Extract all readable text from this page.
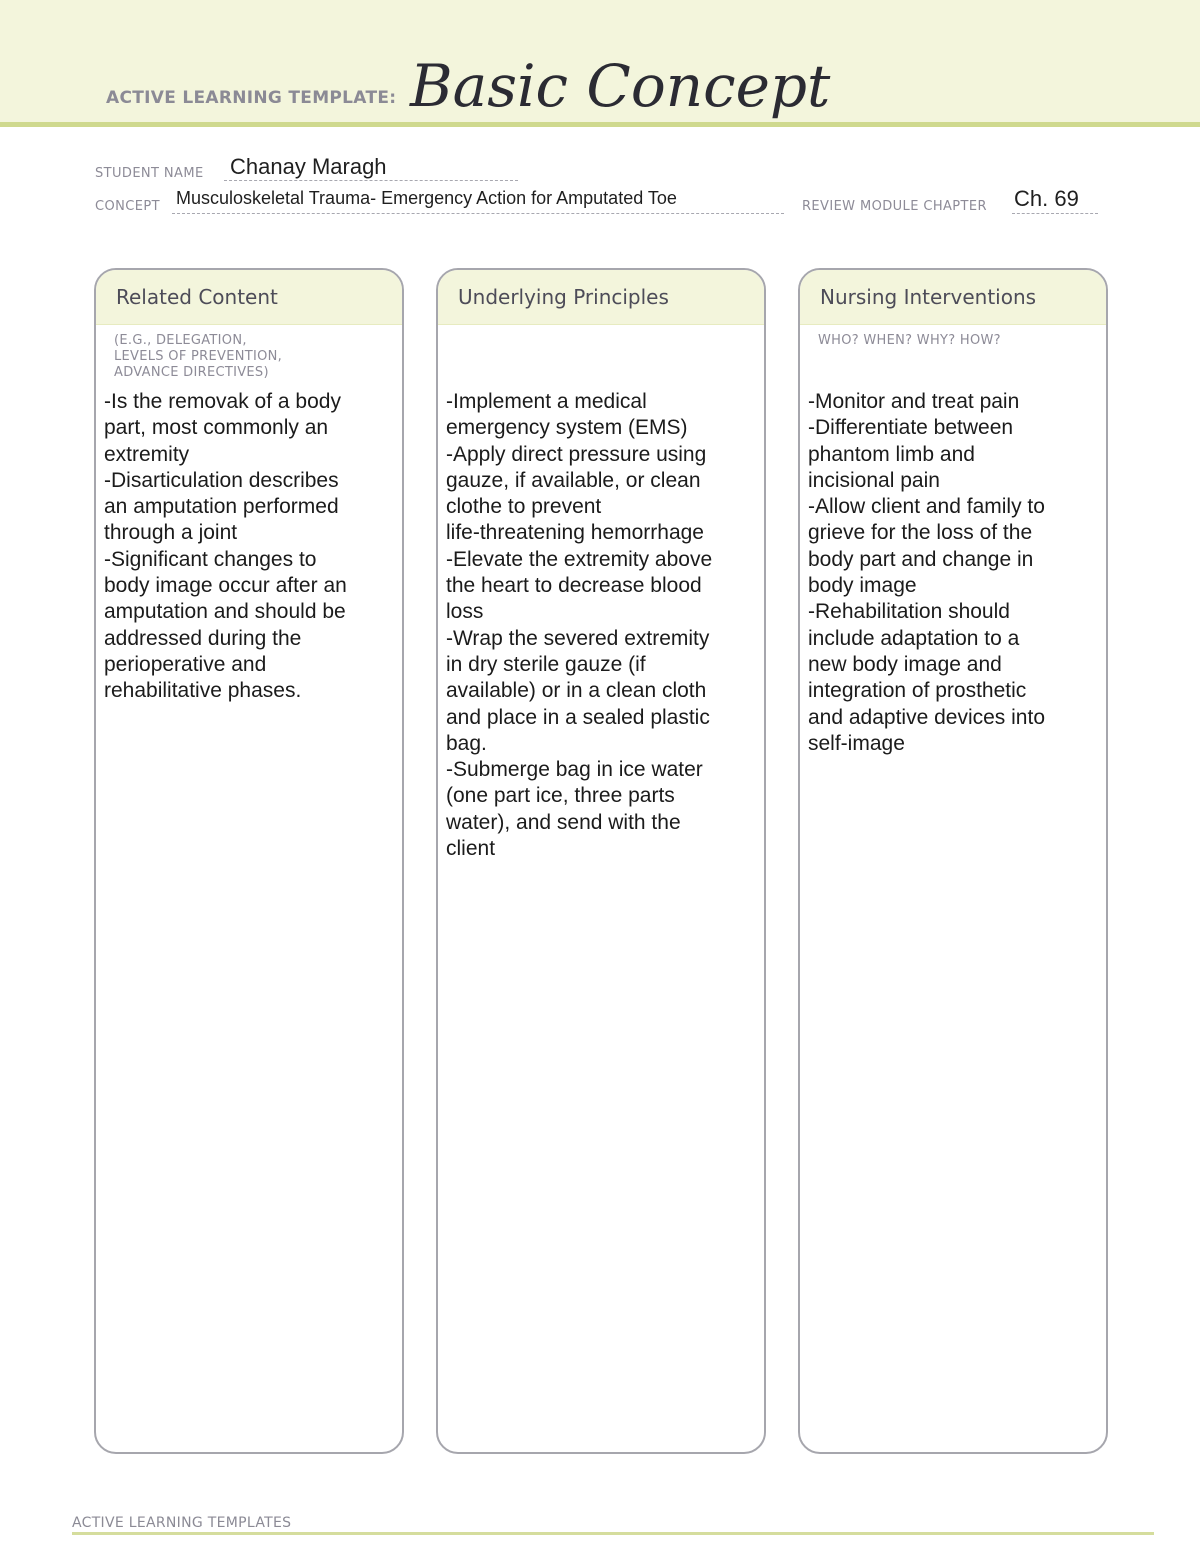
ACTIVE LEARNING TEMPLATE: Basic Concept
STUDENT NAME Chanay Maragh
CONCEPT Musculoskeletal Trauma- Emergency Action for Amputated Toe	REVIEW MODULE CHAPTER Ch. 69
Related Content
(E.G., DELEGATION,
LEVELS OF PREVENTION,
ADVANCE DIRECTIVES)
-Is the removak of a body
part, most commonly an
extremity
-Disarticulation describes
an amputation performed
through a joint
-Significant changes to
body image occur after an
amputation and should be
addressed during the
perioperative and
rehabilitative phases.
Underlying Principles
-Implement a medical
emergency system (EMS)
-Apply direct pressure using
gauze, if available, or clean
clothe to prevent
life-threatening hemorrhage
-Elevate the extremity above
the heart to decrease blood
loss
-Wrap the severed extremity
in dry sterile gauze (if
available) or in a clean cloth
and place in a sealed plastic
bag.
-Submerge bag in ice water
(one part ice, three parts
water), and send with the
client
Nursing Interventions
WHO? WHEN? WHY? HOW?
-Monitor and treat pain
-Differentiate between
phantom limb and
incisional pain
-Allow client and family to
grieve for the loss of the
body part and change in
body image
-Rehabilitation should
include adaptation to a
new body image and
integration of prosthetic
and adaptive devices into
self-image
ACTIVE LEARNING TEMPLATES
